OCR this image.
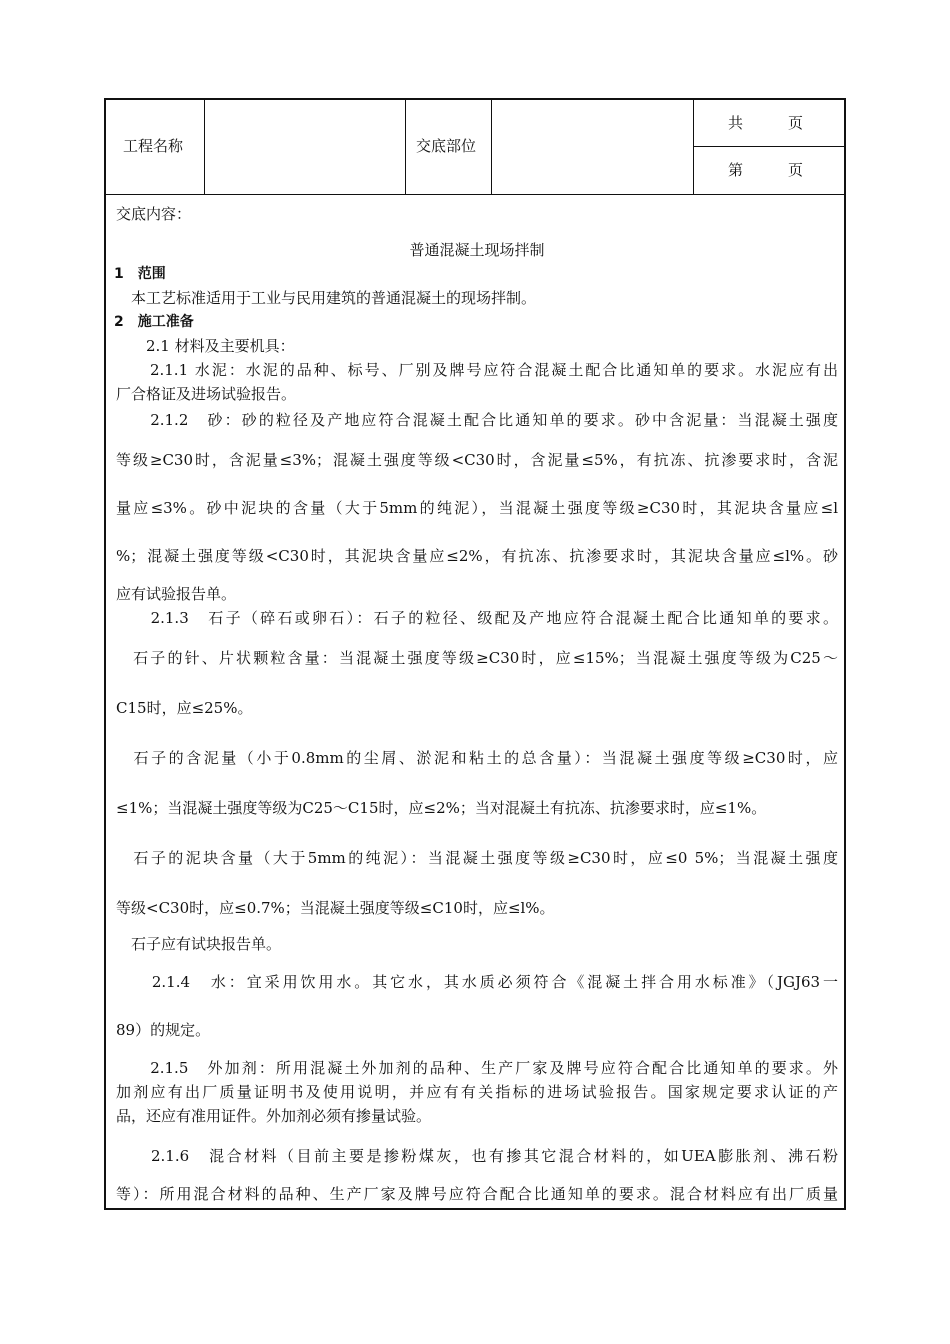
工程名称	交底部位
共　　　页
第　　　页
交底内容：
普通混凝土现场拌制
1　范围
　本工艺标准适用于工业与民用建筑的普通混凝土的现场拌制。
2　施工准备
　　2.1 材料及主要机具：
　　2.1.1 水泥：水泥的品种、标号、厂别及牌号应符合混凝土配合比通知单的要求。水泥应有出
厂合格证及进场试验报告。
　　2.1.2　砂：砂的粒径及产地应符合混凝土配合比通知单的要求。砂中含泥量：当混凝土强度
等级≥C30时，含泥量≤3%；混凝土强度等级<C30时，含泥量≤5%，有抗冻、抗渗要求时，含泥
量应≤3%。砂中泥块的含量（大于5mm的纯泥），当混凝土强度等级≥C30时，其泥块含量应≤l
%；混凝土强度等级<C30时，其泥块含量应≤2%，有抗冻、抗渗要求时，其泥块含量应≤l%。砂
应有试验报告单。
　　2.1.3　石子（碎石或卵石）：石子的粒径、级配及产地应符合混凝土配合比通知单的要求。
　石子的针、片状颗粒含量：当混凝土强度等级≥C30时，应≤15%；当混凝土强度等级为C25～
C15时，应≤25%。
　石子的含泥量（小于0.8mm的尘屑、淤泥和粘土的总含量）：当混凝土强度等级≥C30时，应
≤1%；当混凝土强度等级为C25～C15时，应≤2%；当对混凝土有抗冻、抗渗要求时，应≤1%。
　石子的泥块含量（大于5mm的纯泥）：当混凝土强度等级≥C30时，应≤0 5%；当混凝土强度
等级<C30时，应≤0.7%；当混凝土强度等级≤C10时，应≤l%。
　石子应有试块报告单。
　　2.1.4　水：宜采用饮用水。其它水，其水质必须符合《混凝土拌合用水标准》（JGJ63一
89）的规定。
　　2.1.5　外加剂：所用混凝土外加剂的品种、生产厂家及牌号应符合配合比通知单的要求。外
加剂应有出厂质量证明书及使用说明，并应有有关指标的进场试验报告。国家规定要求认证的产
品，还应有准用证件。外加剂必须有掺量试验。
　　2.1.6　混合材料（目前主要是掺粉煤灰，也有掺其它混合材料的，如UEA膨胀剂、沸石粉
等）：所用混合材料的品种、生产厂家及牌号应符合配合比通知单的要求。混合材料应有出厂质量
